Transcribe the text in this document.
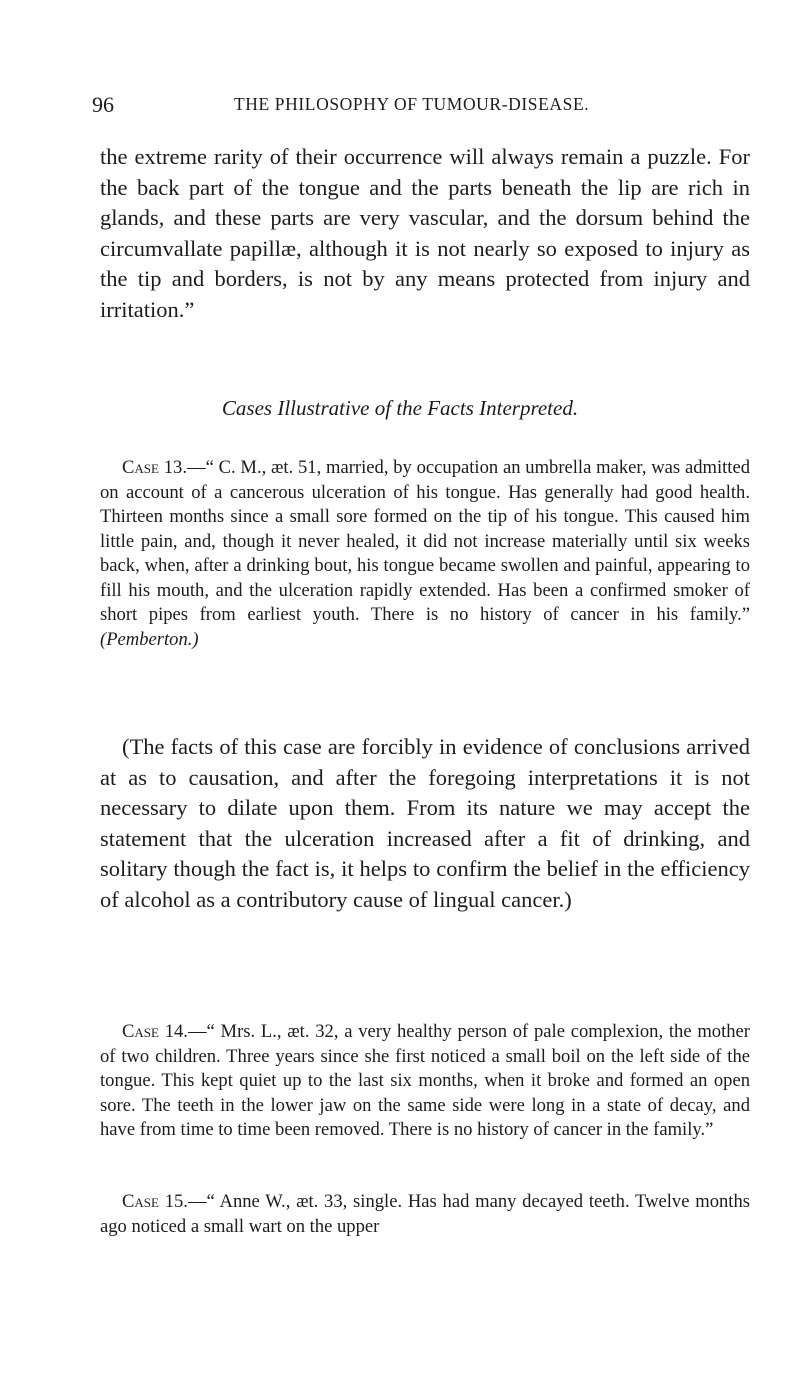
96	THE PHILOSOPHY OF TUMOUR-DISEASE.

the extreme rarity of their occurrence will always remain a puzzle. For the back part of the tongue and the parts beneath the lip are rich in glands, and these parts are very vascular, and the dorsum behind the circumvallate papillæ, although it is not nearly so exposed to injury as the tip and borders, is not by any means protected from injury and irritation.”

Cases Illustrative of the Facts Interpreted.

Case 13.—“ C. M., æt. 51, married, by occupation an umbrella maker, was admitted on account of a cancerous ulceration of his tongue. Has generally had good health. Thirteen months since a small sore formed on the tip of his tongue. This caused him little pain, and, though it never healed, it did not increase materially until six weeks back, when, after a drinking bout, his tongue became swollen and painful, appearing to fill his mouth, and the ulceration rapidly extended. Has been a confirmed smoker of short pipes from earliest youth. There is no history of cancer in his family.” (Pemberton.)

(The facts of this case are forcibly in evidence of conclusions arrived at as to causation, and after the foregoing interpretations it is not necessary to dilate upon them. From its nature we may accept the statement that the ulceration increased after a fit of drinking, and solitary though the fact is, it helps to confirm the belief in the efficiency of alcohol as a contributory cause of lingual cancer.)

Case 14.—“ Mrs. L., æt. 32, a very healthy person of pale complexion, the mother of two children. Three years since she first noticed a small boil on the left side of the tongue. This kept quiet up to the last six months, when it broke and formed an open sore. The teeth in the lower jaw on the same side were long in a state of decay, and have from time to time been removed. There is no history of cancer in the family.”

Case 15.—“ Anne W., æt. 33, single. Has had many decayed teeth. Twelve months ago noticed a small wart on the upper
